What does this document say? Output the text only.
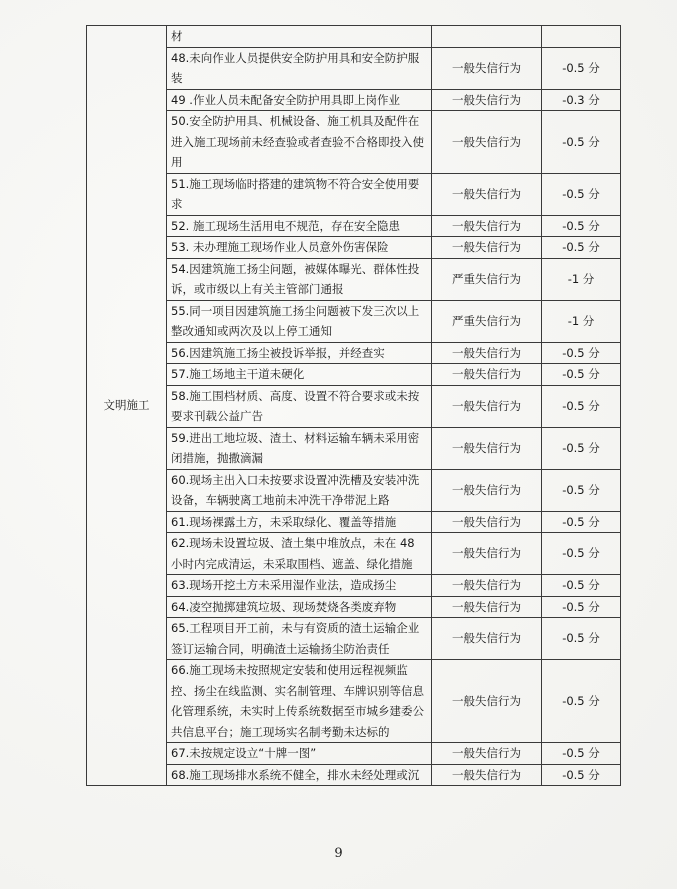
文明施工	材		
	48.未向作业人员提供安全防护用具和安全防护服装	一般失信行为	-0.5 分
	49 .作业人员未配备安全防护用具即上岗作业	一般失信行为	-0.3 分
	50.安全防护用具、机械设备、施工机具及配件在进入施工现场前未经查验或者查验不合格即投入使用	一般失信行为	-0.5 分
	51.施工现场临时搭建的建筑物不符合安全使用要求	一般失信行为	-0.5 分
	52. 施工现场生活用电不规范，存在安全隐患	一般失信行为	-0.5 分
	53. 未办理施工现场作业人员意外伤害保险	一般失信行为	-0.5 分
	54.因建筑施工扬尘问题，被媒体曝光、群体性投诉，或市级以上有关主管部门通报	严重失信行为	-1 分
	55.同一项目因建筑施工扬尘问题被下发三次以上整改通知或两次及以上停工通知	严重失信行为	-1 分
	56.因建筑施工扬尘被投诉举报，并经查实	一般失信行为	-0.5 分
	57.施工场地主干道未硬化	一般失信行为	-0.5 分
	58.施工围档材质、高度、设置不符合要求或未按要求刊载公益广告	一般失信行为	-0.5 分
	59.进出工地垃圾、渣土、材料运输车辆未采用密闭措施，抛撒滴漏	一般失信行为	-0.5 分
	60.现场主出入口未按要求设置冲洗槽及安装冲洗设备，车辆驶离工地前未冲洗干净带泥上路	一般失信行为	-0.5 分
	61.现场裸露土方，未采取绿化、覆盖等措施	一般失信行为	-0.5 分
	62.现场未设置垃圾、渣土集中堆放点，未在 48 小时内完成清运，未采取围档、遮盖、绿化措施	一般失信行为	-0.5 分
	63.现场开挖土方未采用湿作业法，造成扬尘	一般失信行为	-0.5 分
	64.凌空抛掷建筑垃圾、现场焚烧各类废弃物	一般失信行为	-0.5 分
	65.工程项目开工前，未与有资质的渣土运输企业签订运输合同，明确渣土运输扬尘防治责任	一般失信行为	-0.5 分
	66.施工现场未按照规定安装和使用远程视频监控、扬尘在线监测、实名制管理、车牌识别等信息化管理系统，未实时上传系统数据至市城乡建委公共信息平台；施工现场实名制考勤未达标的	一般失信行为	-0.5 分
	67.未按规定设立“十牌一图”	一般失信行为	-0.5 分
	68.施工现场排水系统不健全，排水未经处理或沉	一般失信行为	-0.5 分
9
